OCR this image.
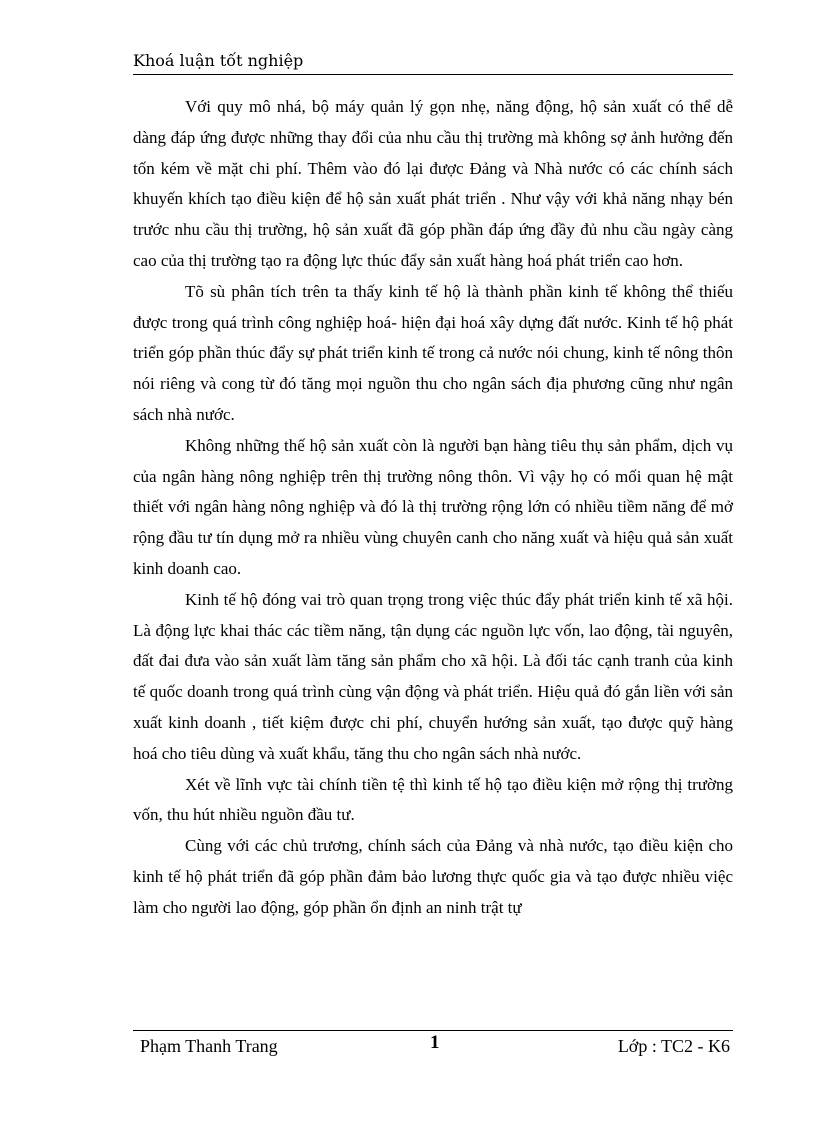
Khoá luận tốt nghiệp

Với quy mô nhá, bộ máy quản lý gọn nhẹ, năng động, hộ sản xuất có thể dễ dàng đáp ứng được những thay đổi của nhu cầu thị trường mà không sợ ảnh hưởng đến tốn kém về mặt chi phí. Thêm vào đó lại được Đảng và Nhà nước có các chính sách khuyến khích tạo điều kiện để hộ sản xuất phát triển . Như vậy với khả năng nhạy bén trước nhu cầu thị trường, hộ sản xuất đã góp phần đáp ứng đầy đủ nhu cầu ngày càng cao của thị trường tạo ra động lực thúc đẩy sản xuất hàng hoá phát triển cao hơn.

Tõ sù phân tích trên ta thấy kinh tế hộ là thành phần kinh tế không thể thiếu được trong quá trình công nghiệp hoá- hiện đại hoá xây dựng đất nước. Kinh tế hộ phát triển góp phần thúc đẩy sự phát triển kinh tế trong cả nước nói chung, kinh tế nông thôn nói riêng và cong từ đó tăng mọi nguồn thu cho ngân sách địa phương cũng như ngân sách nhà nước.

Không những thế hộ sản xuất còn là người bạn hàng tiêu thụ sản phẩm, dịch vụ của ngân hàng nông nghiệp trên thị trường nông thôn. Vì vậy họ có mối quan hệ mật thiết với ngân hàng nông nghiệp và đó là thị trường rộng lớn có nhiều tiềm năng để mở rộng đầu tư tín dụng mở ra nhiều vùng chuyên canh cho năng xuất và hiệu quả sản xuất kinh doanh cao.

Kinh tế hộ đóng vai trò quan trọng trong việc thúc đẩy phát triển kinh tế xã hội. Là động lực khai thác các tiềm năng, tận dụng các nguồn lực vốn, lao động, tài nguyên, đất đai đưa vào sản xuất làm tăng sản phẩm cho xã hội. Là đối tác cạnh tranh của kinh tế quốc doanh trong quá trình cùng vận động và phát triển. Hiệu quả đó gắn liền với sản xuất kinh doanh , tiết kiệm được chi phí, chuyển hướng sản xuất, tạo được quỹ hàng hoá cho tiêu dùng và xuất khẩu, tăng thu cho ngân sách nhà nước.

Xét về lĩnh vực tài chính tiền tệ thì kinh tế hộ tạo điều kiện mở rộng thị trường vốn, thu hút nhiều nguồn đầu tư.

Cùng với các chủ trương, chính sách của Đảng và nhà nước, tạo điều kiện cho kinh tế hộ phát triển đã góp phần đảm bảo lương thực quốc gia và tạo được nhiều việc làm cho người lao động, góp phần ổn định an ninh trật tự

Phạm Thanh Trang	1	Lớp : TC2 - K6
